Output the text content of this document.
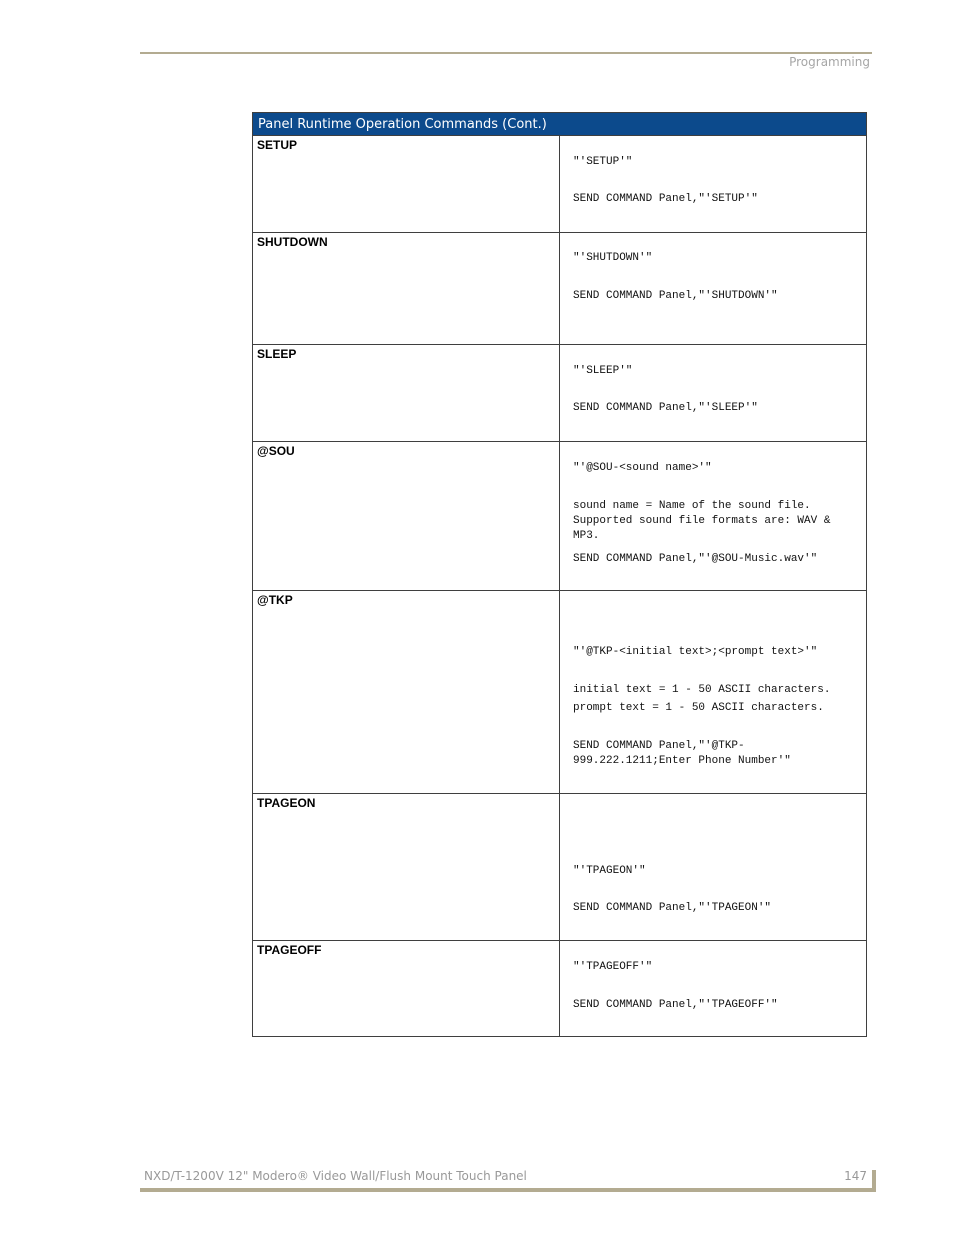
Programming
Panel Runtime Operation Commands (Cont.)	
SETUP	"'SETUP'"

SEND COMMAND Panel,"'SETUP'"

SHUTDOWN	"'SHUTDOWN'"

SEND COMMAND Panel,"'SHUTDOWN'"

SLEEP	"'SLEEP'"

SEND COMMAND Panel,"'SLEEP'"

@SOU	"'@SOU-<sound name>'"

sound name = Name of the sound file. Supported sound file formats are: WAV & MP3.

SEND COMMAND Panel,"'@SOU-Music.wav'"

@TKP	"'@TKP-<initial text>;<prompt text>'"

initial text = 1 - 50 ASCII characters.

prompt text = 1 - 50 ASCII characters.

SEND COMMAND Panel,"'@TKP-999.222.1211;Enter Phone Number'"

TPAGEON	"'TPAGEON'"

SEND COMMAND Panel,"'TPAGEON'"

TPAGEOFF	"'TPAGEOFF'"

SEND COMMAND Panel,"'TPAGEOFF'"

NXD/T-1200V 12" Modero® Video Wall/Flush Mount Touch Panel	147
